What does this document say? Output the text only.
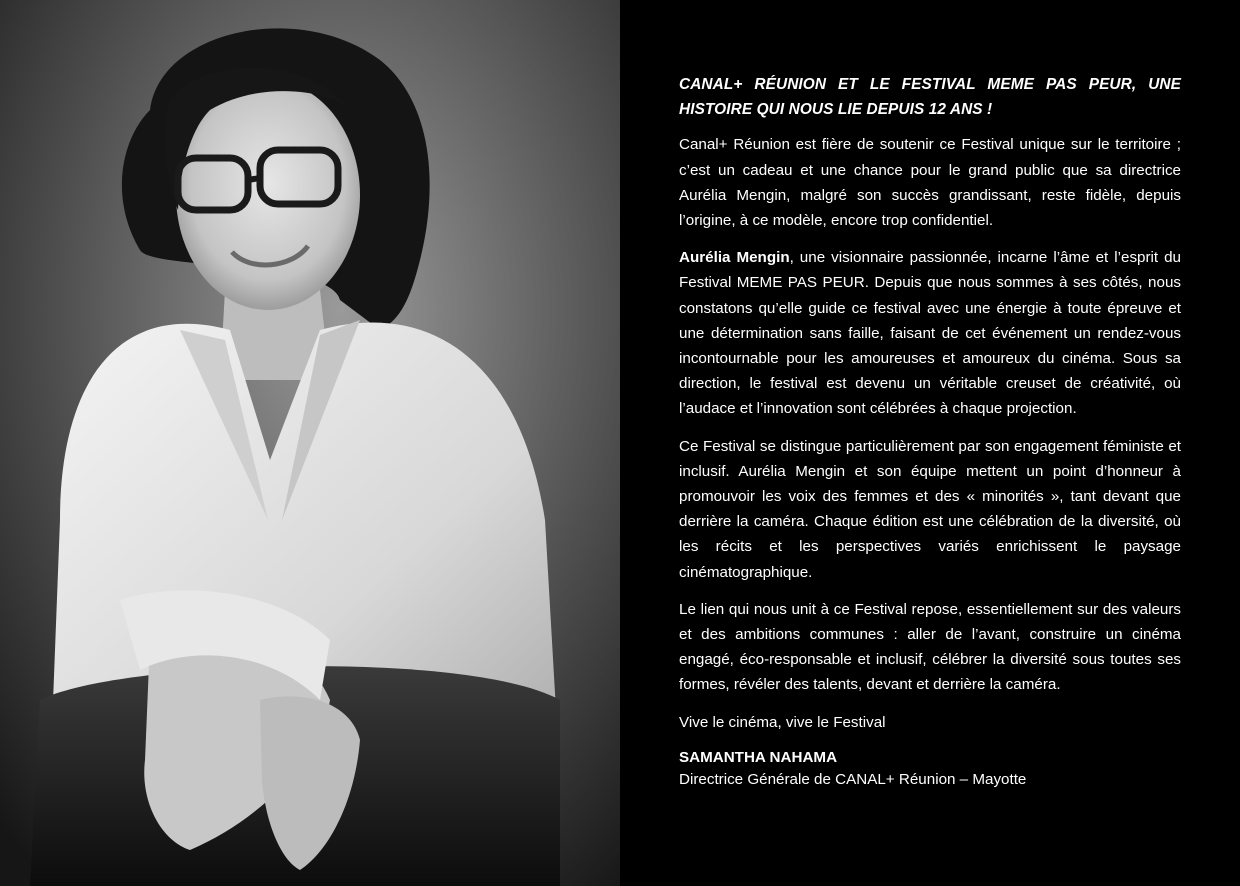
CANAL+ RÉUNION ET LE FESTIVAL MEME PAS PEUR, UNE HISTOIRE QUI NOUS LIE DEPUIS 12 ANS !

Canal+ Réunion est fière de soutenir ce Festival unique sur le territoire ; c’est un cadeau et une chance pour le grand public que sa directrice Aurélia Mengin, malgré son succès grandissant, reste fidèle, depuis l’origine, à ce modèle, encore trop confidentiel.

Aurélia Mengin, une visionnaire passionnée, incarne l’âme et l’esprit du Festival MEME PAS PEUR. Depuis que nous sommes à ses côtés, nous constatons qu’elle guide ce festival avec une énergie à toute épreuve et une détermination sans faille, faisant de cet événement un rendez-vous incontournable pour les amoureuses et amoureux du cinéma. Sous sa direction, le festival est devenu un véritable creuset de créativité, où l’audace et l’innovation sont célébrées à chaque projection.

Ce Festival se distingue particulièrement par son engagement féministe et inclusif. Aurélia Mengin et son équipe mettent un point d’honneur à promouvoir les voix des femmes et des « minorités », tant devant que derrière la caméra. Chaque édition est une célébration de la diversité, où les récits et les perspectives variés enrichissent le paysage cinématographique.

Le lien qui nous unit à ce Festival repose, essentiellement sur des valeurs et des ambitions communes : aller de l’avant, construire un cinéma engagé, éco-responsable et inclusif, célébrer la diversité sous toutes ses formes, révéler des talents, devant et derrière la caméra.

Vive le cinéma, vive le Festival

SAMANTHA NAHAMA

Directrice Générale de CANAL+ Réunion – Mayotte
